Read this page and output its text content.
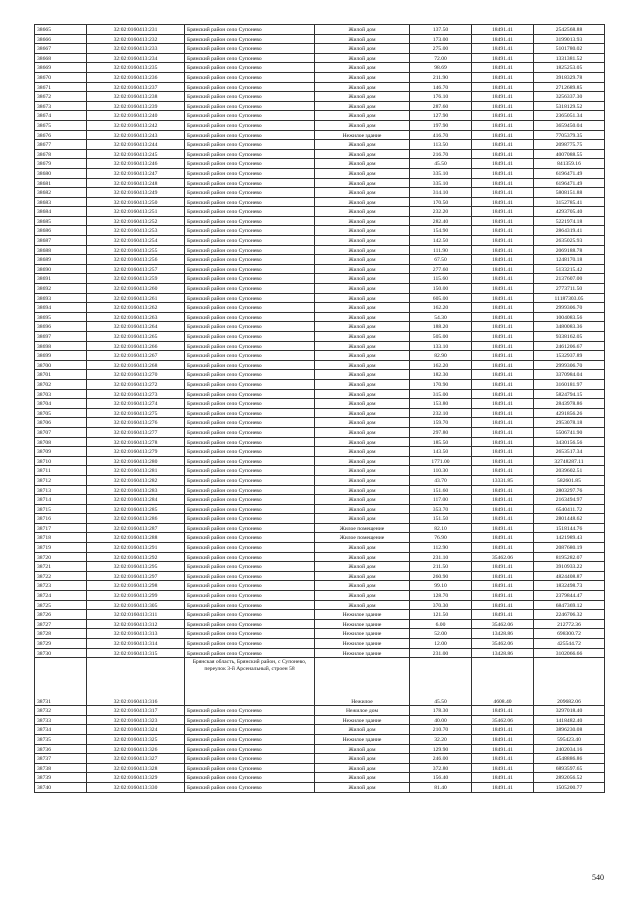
38665	32:02:0160413:231	Брянский район село Супонево	Жилой дом	137.50	18491.41	2542568.88
38666	32:02:0160413:232	Брянский район село Супонево	Жилой дом	173.00	18491.41	3199013.93
38667	32:02:0160413:233	Брянский район село Супонево	Жилой дом	275.00	18491.41	5101780.02
38668	32:02:0160413:234	Брянский район село Супонево	Жилой дом	72.00	18491.41	1331381.52
38669	32:02:0160413:235	Брянский район село Супонево	Жилой дом	98.69	18491.41	1825253.05
38670	32:02:0160413:236	Брянский район село Супонево	Жилой дом	211.90	18491.41	3918329.78
38671	32:02:0160413:237	Брянский район село Супонево	Жилой дом	146.70	18491.41	2712689.85
38672	32:02:0160413:238	Брянский район село Супонево	Жилой дом	176.10	18491.41	3256337.30
38673	32:02:0160413:239	Брянский район село Супонево	Жилой дом	287.60	18491.41	5318129.52
38674	32:02:0160413:240	Брянский район село Супонево	Жилой дом	127.90	18491.41	2365051.34
38675	32:02:0160413:242	Брянский район село Супонево	Жилой дом	197.90	18491.41	3659450.04
38676	32:02:0160413:243	Брянский район село Супонево	Нежилое здание	416.70	18491.41	7705379.35
38677	32:02:0160413:244	Брянский район село Супонево	Жилой дом	113.50	18491.41	2098775.75
38678	32:02:0160413:245	Брянский район село Супонево	Жилой дом	216.70	18491.41	4007088.55
38679	32:02:0160413:246	Брянский район село Супонево	Жилой дом	45.50	18491.41	841359.16
38680	32:02:0160413:247	Брянский район село Супонево	Жилой дом	335.10	18491.41	6196471.49
38681	32:02:0160413:248	Брянский район село Супонево	Жилой дом	335.10	18491.41	6196471.49
38682	32:02:0160413:249	Брянский район село Супонево	Жилой дом	314.10	18491.41	5808151.88
38683	32:02:0160413:250	Брянский район село Супонево	Жилой дом	170.50	18491.41	3152785.41
38684	32:02:0160413:251	Брянский район село Супонево	Жилой дом	232.20	18491.41	4293705.40
38685	32:02:0160413:252	Брянский район село Супонево	Жилой дом	282.40	18491.41	5221974.18
38686	32:02:0160413:253	Брянский район село Супонево	Жилой дом	154.90	18491.41	2864319.41
38687	32:02:0160413:254	Брянский район село Супонево	Жилой дом	142.50	18491.41	2635025.93
38688	32:02:0160413:255	Брянский район село Супонево	Жилой дом	111.90	18491.41	2069188.78
38689	32:02:0160413:256	Брянский район село Супонево	Жилой дом	67.50	18491.41	1248170.18
38690	32:02:0160413:257	Брянский район село Супонево	Жилой дом	277.60	18491.41	5133215.42
38691	32:02:0160413:259	Брянский район село Супонево	Жилой дом	115.60	18491.41	2137607.00
38692	32:02:0160413:260	Брянский район село Супонево	Жилой дом	150.00	18491.41	2773711.50
38693	32:02:0160413:261	Брянский район село Супонево	Жилой дом	605.00	18491.41	11187303.05
38694	32:02:0160413:262	Брянский район село Супонево	Жилой дом	162.20	18491.41	2999306.70
38695	32:02:0160413:263	Брянский район село Супонево	Жилой дом	54.30	18491.41	1004083.56
38696	32:02:0160413:264	Брянский район село Супонево	Жилой дом	188.20	18491.41	3480083.36
38697	32:02:0160413:265	Брянский район село Супонево	Жилой дом	505.00	18491.41	9338162.05
38698	32:02:0160413:266	Брянский район село Супонево	Жилой дом	133.10	18491.41	2461206.67
38699	32:02:0160413:267	Брянский район село Супонево	Жилой дом	82.90	18491.41	1532937.89
38700	32:02:0160413:268	Брянский район село Супонево	Жилой дом	162.20	18491.41	2999306.70
38701	32:02:0160413:270	Брянский район село Супонево	Жилой дом	182.30	18491.41	3370984.04
38702	32:02:0160413:272	Брянский район село Супонево	Жилой дом	170.90	18491.41	3160181.97
38703	32:02:0160413:273	Брянский район село Супонево	Жилой дом	315.00	18491.41	5824794.15
38704	32:02:0160413:274	Брянский район село Супонево	Жилой дом	153.80	18491.41	2843978.86
38705	32:02:0160413:275	Брянский район село Супонево	Жилой дом	232.10	18491.41	4291856.26
38706	32:02:0160413:276	Брянский район село Супонево	Жилой дом	159.70	18491.41	2953078.18
38707	32:02:0160413:277	Брянский район село Супонево	Жилой дом	297.80	18491.41	5506741.90
38708	32:02:0160413:278	Брянский район село Супонево	Жилой дом	185.50	18491.41	3430156.56
38709	32:02:0160413:279	Брянский район село Супонево	Жилой дом	143.50	18491.41	2653517.34
38710	32:02:0160413:280	Брянский район село Супонево	Жилой дом	1771.00	18491.41	32748287.11
38711	32:02:0160413:281	Брянский район село Супонево	Жилой дом	110.30	18491.41	2039602.51
38712	32:02:0160413:282	Брянский район село Супонево	Жилой дом	43.70	13331.85	582601.85
38713	32:02:0160413:283	Брянский район село Супонево	Жилой дом	151.60	18491.41	2803297.76
38714	32:02:0160413:284	Брянский район село Супонево	Жилой дом	117.00	18491.41	2163494.97
38715	32:02:0160413:285	Брянский район село Супонево	Жилой дом	353.70	18491.41	6540411.72
38716	32:02:0160413:286	Брянский район село Супонево	Жилой дом	151.50	18491.41	2801448.62
38717	32:02:0160413:287	Брянский район село Супонево	Жилое помещение	82.10	18491.41	1518144.76
38718	32:02:0160413:288	Брянский район село Супонево	Жилое помещение	76.90	18491.41	1421989.43
38719	32:02:0160413:291	Брянский район село Супонево	Жилой дом	112.90	18491.41	2087680.19
38720	32:02:0160413:292	Брянский район село Супонево	Жилой дом	231.10	35462.06	8195282.07
38721	32:02:0160413:295	Брянский район село Супонево	Жилой дом	211.50	18491.41	3910933.22
38722	32:02:0160413:297	Брянский район село Супонево	Жилой дом	260.90	18491.41	4824408.87
38723	32:02:0160413:298	Брянский район село Супонево	Жилой дом	99.10	18491.41	1832498.73
38724	32:02:0160413:299	Брянский район село Супонево	Жилой дом	128.70	18491.41	2379844.47
38725	32:02:0160413:305	Брянский район село Супонево	Жилой дом	370.30	18491.41	6847369.12
38726	32:02:0160413:311	Брянский район село Супонево	Нежилое здание	121.50	18491.41	2246706.32
38727	32:02:0160413:312	Брянский район село Супонево	Нежилое здание	6.00	35462.06	212772.36
38728	32:02:0160413:313	Брянский район село Супонево	Нежилое здание	52.00	13428.86	698300.72
38729	32:02:0160413:314	Брянский район село Супонево	Нежилое здание	12.00	35462.06	425544.72
38730	32:02:0160413:315	Брянский район село Супонево	Нежилое здание	231.00	13428.86	3102066.66
38731	32:02:0160413:316	Брянская область, Брянский район, с Супонево, переулок 3-й Арсенальный, строен 58	Нежилое	45.50	4608.40	209682.06
38732	32:02:0160413:317	Брянский район село Супонево	Нежилое дом	178.30	18491.41	3297018.40
38733	32:02:0160413:323	Брянский район село Супонево	Нежилое здание	40.00	35462.06	1418482.40
38734	32:02:0160413:324	Брянский район село Супонево	Жилой дом	210.70	18491.41	3896230.08
38735	32:02:0160413:325	Брянский район село Супонево	Нежилое здание	32.20	18491.41	595423.40
38736	32:02:0160413:326	Брянский район село Супонево	Жилой дом	129.90	18491.41	2402034.16
38737	32:02:0160413:327	Брянский район село Супонево	Жилой дом	246.00	18491.41	4548886.86
38738	32:02:0160413:328	Брянский район село Супонево	Жилой дом	372.80	18491.41	6893597.65
38739	32:02:0160413:329	Брянский район село Супонево	Жилой дом	156.40	18491.41	2892056.52
38740	32:02:0160413:330	Брянский район село Супонево	Жилой дом	81.40	18491.41	1505200.77
540
